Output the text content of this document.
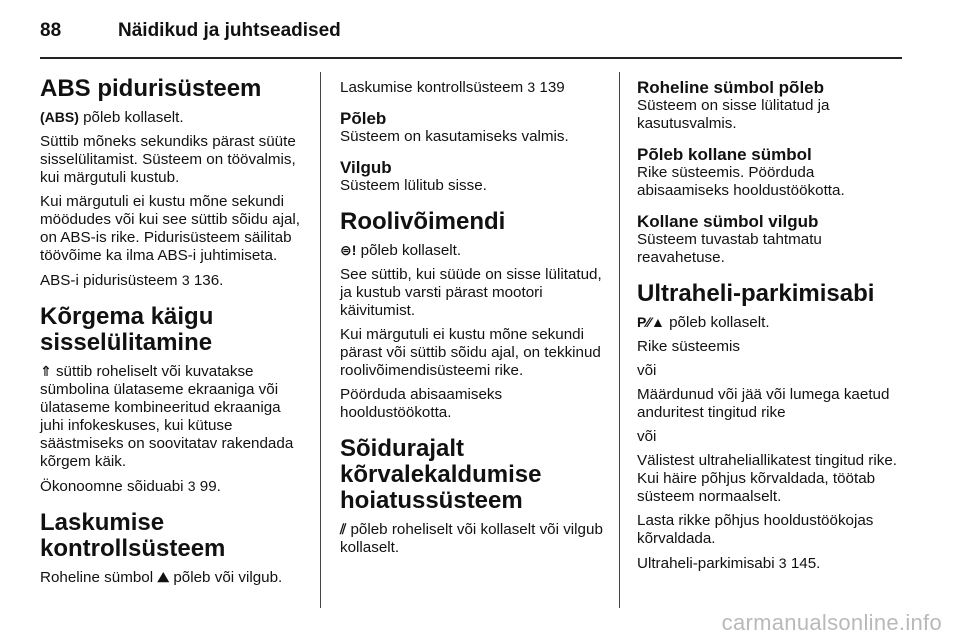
88	Näidikud ja juhtseadised
ABS pidurisüsteem

(ABS) põleb kollaselt.

Süttib mõneks sekundiks pärast süüte sisselülitamist. Süsteem on töövalmis, kui märgutuli kustub.

Kui märgutuli ei kustu mõne sekundi möödudes või kui see süttib sõidu ajal, on ABS-is rike. Pidurisüsteem säilitab töövõime ka ilma ABS-i juhtimiseta.

ABS-i pidurisüsteem 3 136.

Kõrgema käigu sisselülitamine

⇑ süttib roheliselt või kuvatakse sümbolina ülataseme ekraaniga või ülataseme kombineeritud ekraaniga juhi infokeskuses, kui kütuse säästmiseks on soovitatav rakendada kõrgem käik.

Ökonoomne sõiduabi 3 99.

Laskumise kontrollsüsteem

Roheline sümbol ⛰ põleb või vilgub.

Laskumise kontrollsüsteem 3 139

Põleb

Süsteem on kasutamiseks valmis.

Vilgub

Süsteem lülitub sisse.

Roolivõimendi

⊜! põleb kollaselt.

See süttib, kui süüde on sisse lülitatud, ja kustub varsti pärast mootori käivitumist.

Kui märgutuli ei kustu mõne sekundi pärast või süttib sõidu ajal, on tekkinud roolivõimendisüsteemi rike.

Pöörduda abisaamiseks hooldustöökotta.

Sõidurajalt kõrvalekaldumise hoiatussüsteem

⫽ põleb roheliselt või kollaselt või vilgub kollaselt.

Roheline sümbol põleb

Süsteem on sisse lülitatud ja kasutusvalmis.

Põleb kollane sümbol

Rike süsteemis. Pöörduda abisaamiseks hooldustöökotta.

Kollane sümbol vilgub

Süsteem tuvastab tahtmatu reavahetuse.

Ultraheli-parkimisabi

P⁄⁄▲ põleb kollaselt.

Rike süsteemis

või

Määrdunud või jää või lumega kaetud anduritest tingitud rike

või

Välistest ultraheliallikatest tingitud rike. Kui häire põhjus kõrvaldada, töötab süsteem normaalselt.

Lasta rikke põhjus hooldustöökojas kõrvaldada.

Ultraheli-parkimisabi 3 145.

carmanualsonline.info
